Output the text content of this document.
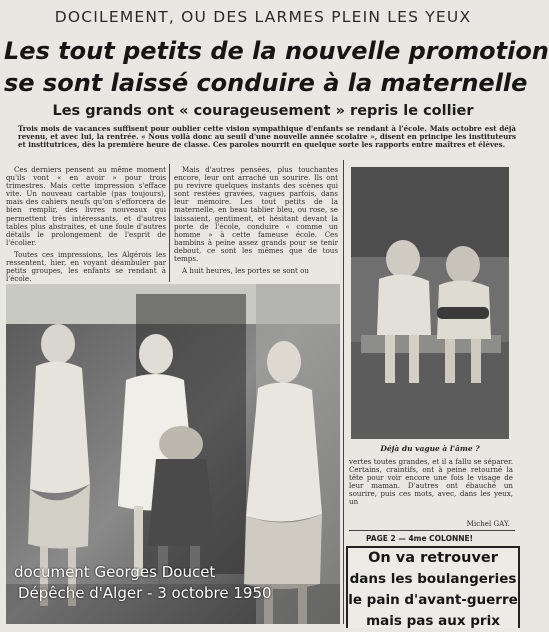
DOCILEMENT, OU DES LARMES PLEIN LES YEUX
Les tout petits de la nouvelle promotion
se sont laissé conduire à la maternelle
Les grands ont « courageusement » repris le collier
Trois mois de vacances suffisent pour oublier cette vision sympathique d'enfants se rendant à l'école. Mais octobre est déjà revenu, et avec lui, la rentrée. « Nous voilà donc au seuil d'une nouvelle année scolaire », disent en principe les instituteurs et institutrices, dès la première heure de classe. Ces paroles nourrit en quelque sorte les rapports entre maîtres et élèves.

Ces derniers pensent au même moment qu'ils vont « en avoir » pour trois trimestres. Mais cette impression s'efface vite. Un nouveau cartable (pas toujours), mais des cahiers neufs qu'on s'efforcera de bien remplir, des livres nouveaux qui permettent très intéressants, et d'autres tables plus abstraites, et une foule d'autres détails le prolongement de l'esprit de l'écolier.

Toutes ces impressions, les Algérois les ressentent, hier, en voyant déambuler par petits groupes, les enfants se rendant à l'école.

Mais d'autres pensées, plus touchantes encore, leur ont arraché un sourire. Ils ont pu revivre quelques instants des scènes qui sont restées gravées, vagues parfois, dans leur mémoire. Les tout petits de la maternelle, en beau tablier bleu, ou rose, se laissaient, gentiment, et hésitant devant la porte de l'école, conduire « comme un homme » à cette fameuse école. Ces bambins à peine assez grands pour se tenir debout, ce sont les mêmes que de tous temps.

A huit heures, les portes se sont ou

Déjà du vague à l'âme ?

vertes toutes grandes, et il a fallu se séparer. Certains, craintifs, ont à peine retourné la tête pour voir encore une fois le visage de leur maman. D'autres ont ébauché un sourire, puis ces mots, avec, dans les yeux, un

Michel GAY.
PAGE 2 — 4me COLONNE!
On va retrouver
dans les boulangeries
le pain d'avant-guerre
mais pas aux prix
document Georges Doucet
Dépêche d'Alger - 3 octobre 1950
